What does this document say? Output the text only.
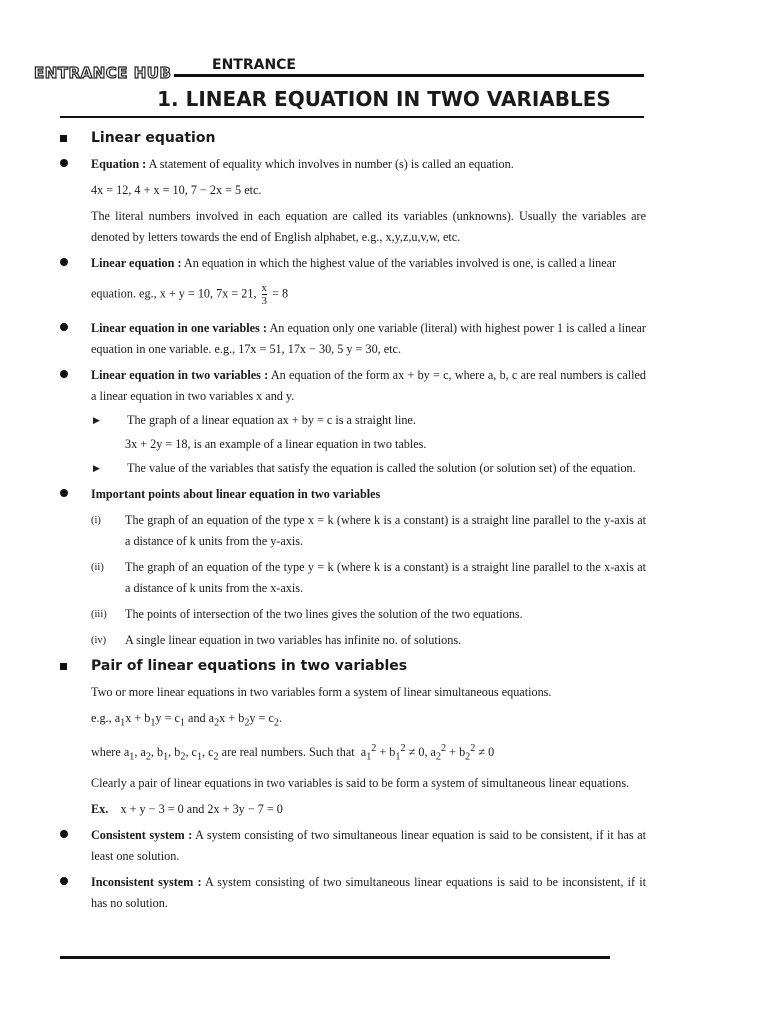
ENTRANCE HUB	ENTRANCE
1. LINEAR EQUATION IN TWO VARIABLES
Linear equation
Equation : A statement of equality which involves in number (s) is called an equation.
4x = 12, 4 + x = 10, 7 − 2x = 5 etc.
The literal numbers involved in each equation are called its variables (unknowns). Usually the variables are denoted by letters towards the end of English alphabet, e.g., x,y,z,u,v,w, etc.
Linear equation : An equation in which the highest value of the variables involved is one, is called a linear
equation. eg., x + y = 10, 7x = 21, $\frac{x}{3} = 8$
Linear equation in one variables : An equation only one variable (literal) with highest power 1 is called a linear equation in one variable. e.g., 17x = 51, 17x − 30, 5 y = 30, etc.
Linear equation in two variables : An equation of the form ax + by = c, where a, b, c are real numbers is called a linear equation in two variables x and y.
▶	The graph of a linear equation ax + by = c is a straight line.
3x + 2y = 18, is an example of a linear equation in two tables.
▶	The value of the variables that satisfy the equation is called the solution (or solution set) of the equation.
Important points about linear equation in two variables
(i)	The graph of an equation of the type x = k (where k is a constant) is a straight line parallel to the y-axis at a distance of k units from the y-axis.
(ii)	The graph of an equation of the type y = k (where k is a constant) is a straight line parallel to the x-axis at a distance of k units from the x-axis.
(iii)	The points of intersection of the two lines gives the solution of the two equations.
(iv)	A single linear equation in two variables has infinite no. of solutions.
Pair of linear equations in two variables
Two or more linear equations in two variables form a system of linear simultaneous equations.
e.g., $a_1x + b_1y = c_1$ and $a_2x + b_2y = c_2$.
where $a_1$, $a_2$, $b_1$, $b_2$, $c_1$, $c_2$ are real numbers. Such that  $a_1^2 + b_1^2 \ne 0$, $a_2^2 + b_2^2 \ne 0$
Clearly a pair of linear equations in two variables is said to be form a system of simultaneous linear equations.
Ex. x + y − 3 = 0 and 2x + 3y − 7 = 0
Consistent system : A system consisting of two simultaneous linear equation is said to be consistent, if it has at least one solution.
Inconsistent system : A system consisting of two simultaneous linear equations is said to be inconsistent, if it has no solution.
